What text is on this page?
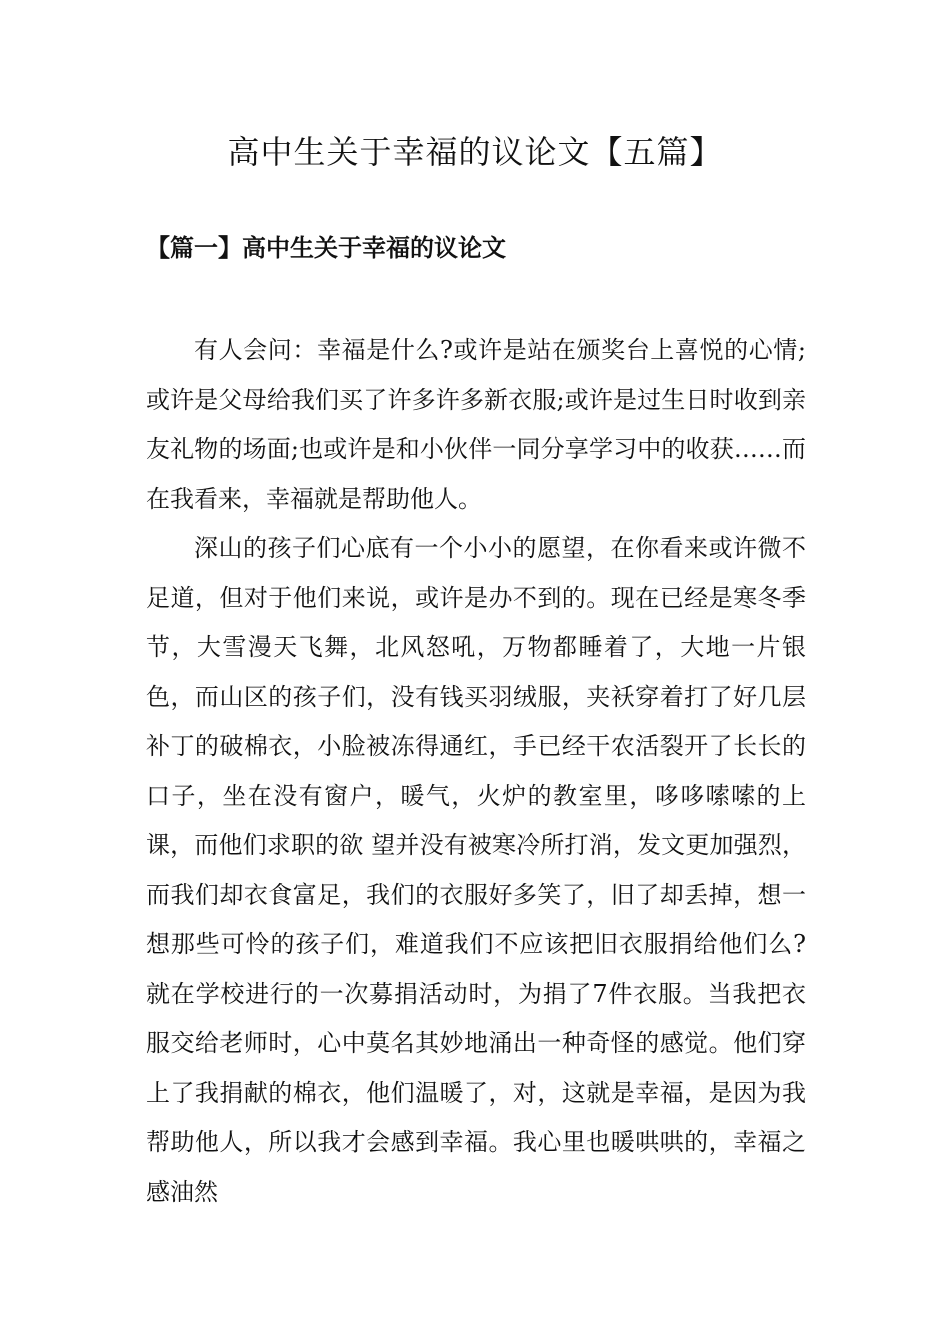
高中生关于幸福的议论文【五篇】
【篇一】高中生关于幸福的议论文

有人会问：幸福是什么?或许是站在颁奖台上喜悦的心情;或许是父母给我们买了许多许多新衣服;或许是过生日时收到亲友礼物的场面;也或许是和小伙伴一同分享学习中的收获……而在我看来，幸福就是帮助他人。

深山的孩子们心底有一个小小的愿望，在你看来或许微不足道，但对于他们来说，或许是办不到的。现在已经是寒冬季节，大雪漫天飞舞，北风怒吼，万物都睡着了，大地一片银色，而山区的孩子们，没有钱买羽绒服，夹袄穿着打了好几层补丁的破棉衣，小脸被冻得通红，手已经干农活裂开了长长的口子，坐在没有窗户，暖气，火炉的教室里，哆哆嗦嗦的上课，而他们求职的欲 望并没有被寒冷所打消，发文更加强烈，而我们却衣食富足，我们的衣服好多笑了，旧了却丢掉，想一想那些可怜的孩子们，难道我们不应该把旧衣服捐给他们么?就在学校进行的一次募捐活动时，为捐了7件衣服。当我把衣服交给老师时，心中莫名其妙地涌出一种奇怪的感觉。他们穿上了我捐献的棉衣，他们温暖了，对，这就是幸福，是因为我帮助他人，所以我才会感到幸福。我心里也暖哄哄的，幸福之感油然
